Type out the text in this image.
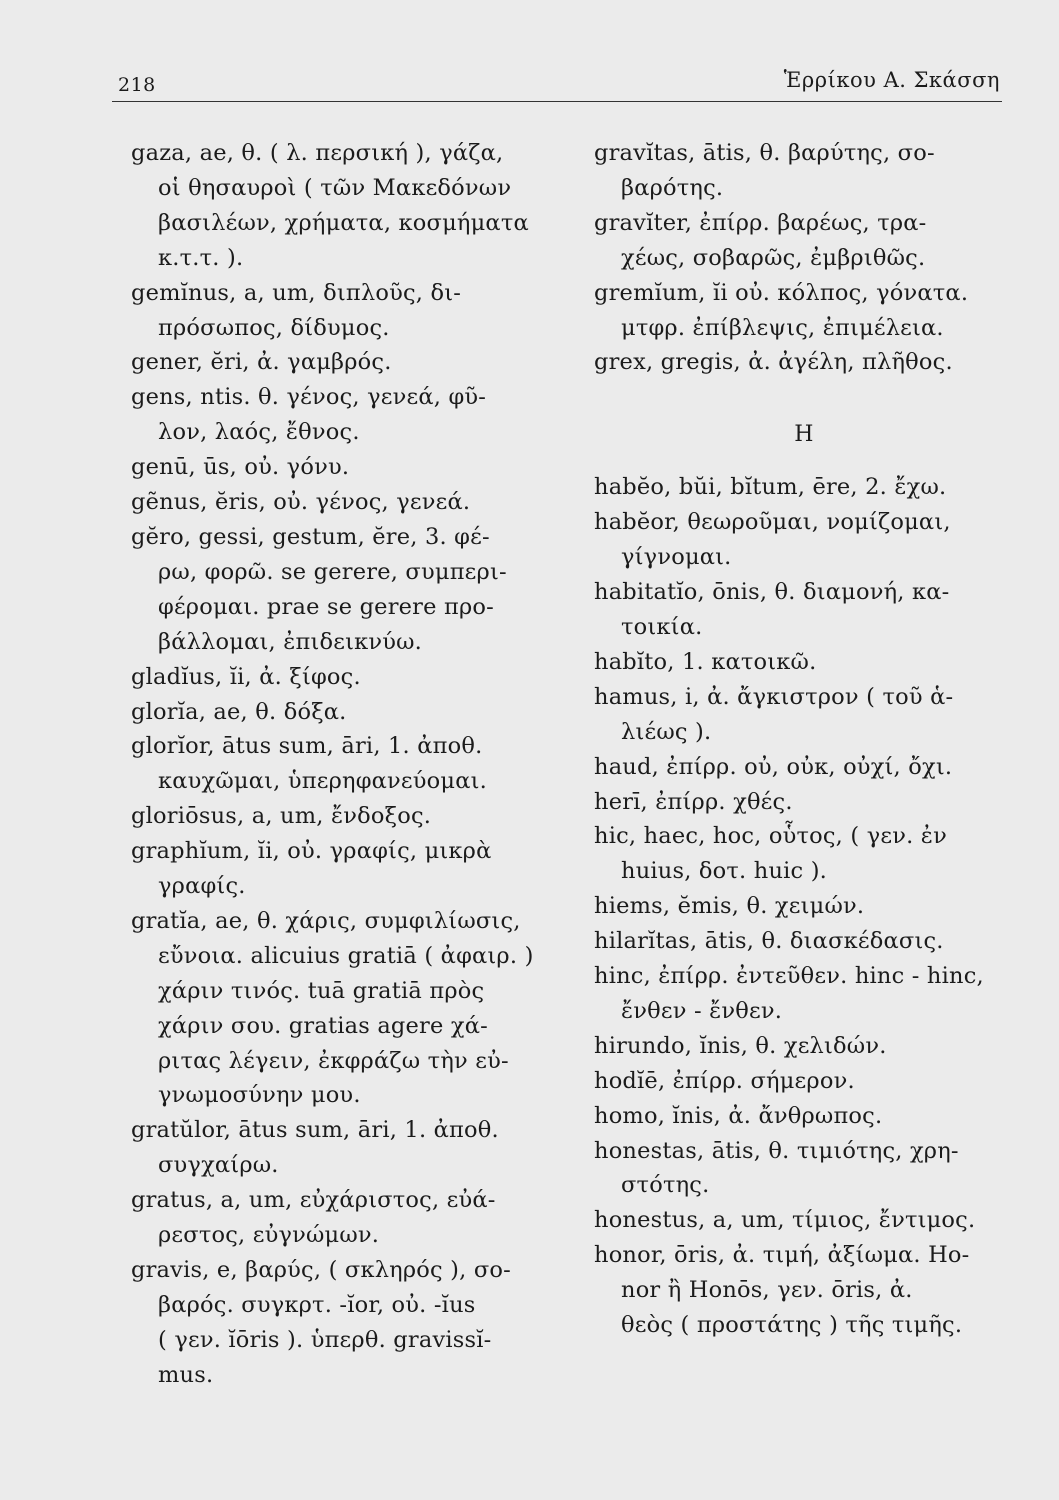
218	Ἑρρίκου Α. Σκάσση
gaza, ae, θ. ( λ. περσική ), γάζα,
οἱ θησαυροὶ ( τῶν Μακεδόνων
βασιλέων, χρήματα, κοσμήματα
κ.τ.τ. ).
gemĭnus, a, um, διπλοῦς, δι-
πρόσωπος, δίδυμος.
gener, ĕri, ἀ. γαμβρός.
gens, ntis. θ. γένος, γενεά, φῦ-
λον, λαός, ἔθνος.
genū, ūs, οὐ. γόνυ.
gẽnus, ĕris, οὐ. γένος, γενεά.
gĕro, gessi, gestum, ĕre, 3. φέ-
ρω, φορῶ. se gerere, συμπερι-
φέρομαι. prae se gerere προ-
βάλλομαι, ἐπιδεικνύω.
gladĭus, ĭi, ἀ. ξίφος.
glorĭa, ae, θ. δόξα.
glorĭor, ātus sum, āri, 1. ἀποθ.
καυχῶμαι, ὑπερηφανεύομαι.
gloriōsus, a, um, ἔνδοξος.
graphĭum, ĭi, οὐ. γραφίς, μικρὰ
γραφίς.
gratĭa, ae, θ. χάρις, συμφιλίωσις,
εὔνοια. alicuius gratiā ( ἀφαιρ. )
χάριν τινός. tuā gratiā πρὸς
χάριν σου. gratias agere χά-
ριτας λέγειν, ἐκφράζω τὴν εὐ-
γνωμοσύνην μου.
gratŭlor, ātus sum, āri, 1. ἀποθ.
συγχαίρω.
gratus, a, um, εὐχάριστος, εὐά-
ρεστος, εὐγνώμων.
gravis, e, βαρύς, ( σκληρός ), σο-
βαρός. συγκρτ. -ĭor, οὐ. -ĭus
( γεν. ĭōris ). ὑπερθ. gravissĭ-
mus.
gravĭtas, ātis, θ. βαρύτης, σο-
βαρότης.
gravĭter, ἐπίρρ. βαρέως, τρα-
χέως, σοβαρῶς, ἐμβριθῶς.
gremĭum, ĭi οὐ. κόλπος, γόνατα.
μτφρ. ἐπίβλεψις, ἐπιμέλεια.
grex, gregis, ἀ. ἀγέλη, πλῆθος.
H
habĕo, bŭi, bĭtum, ēre, 2. ἔχω.
habĕor, θεωροῦμαι, νομίζομαι,
γίγνομαι.
habitatĭo, ōnis, θ. διαμονή, κα-
τοικία.
habĭto, 1. κατοικῶ.
hamus, i, ἀ. ἄγκιστρον ( τοῦ ἁ-
λιέως ).
haud, ἐπίρρ. οὐ, οὐκ, οὐχί, ὄχι.
herī, ἐπίρρ. χθές.
hic, haec, hoc, οὗτος, ( γεν. ἐν
huius, δοτ. huic ).
hiems, ĕmis, θ. χειμών.
hilarĭtas, ātis, θ. διασκέδασις.
hinc, ἐπίρρ. ἐντεῦθεν. hinc - hinc,
ἔνθεν - ἔνθεν.
hirundo, ĭnis, θ. χελιδών.
hodĭē, ἐπίρρ. σήμερον.
homo, ĭnis, ἀ. ἄνθρωπος.
honestas, ātis, θ. τιμιότης, χρη-
στότης.
honestus, a, um, τίμιος, ἔντιμος.
honor, ōris, ἀ. τιμή, ἀξίωμα. Ho-
nor ἢ Honōs, γεν. ōris, ἀ.
θεὸς ( προστάτης ) τῆς τιμῆς.
